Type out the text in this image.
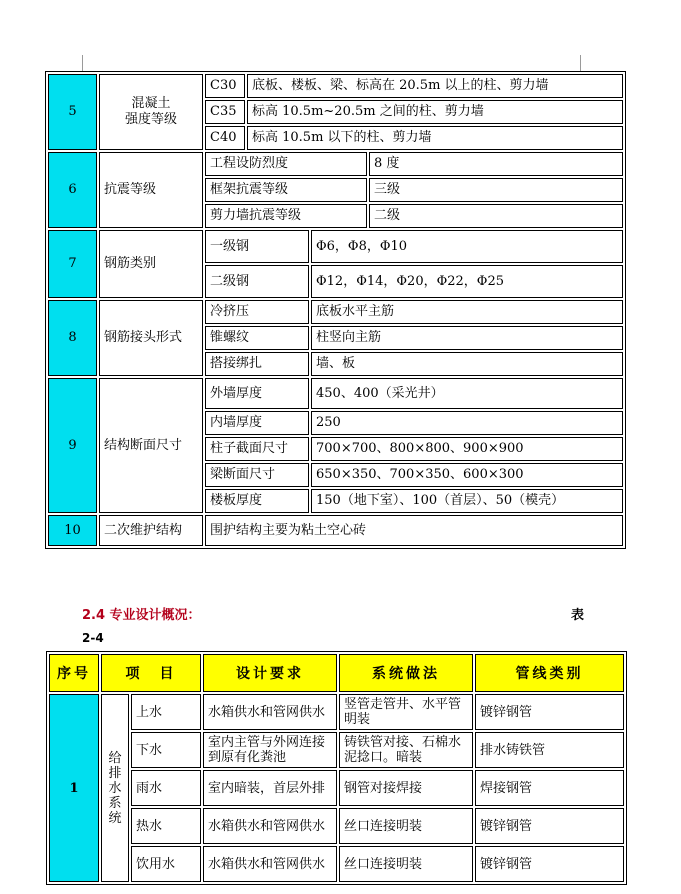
5	混凝土
强度等级	C30	底板、楼板、梁、标高在 20.5m 以上的柱、剪力墙		
		C35	标高 10.5m~20.5m 之间的柱、剪力墙		
		C40	标高 10.5m 以下的柱、剪力墙		
6	抗震等级	工程设防烈度			8 度
		框架抗震等级			三级
		剪力墙抗震等级			二级
7	钢筋类别	一级钢		Φ6，Φ8，Φ10	
		二级钢		Φ12，Φ14，Φ20，Φ22，Φ25	
8	钢筋接头形式	冷挤压		底板水平主筋	
		锥螺纹		柱竖向主筋	
		搭接绑扎		墙、板	
9	结构断面尺寸	外墙厚度		450、400（采光井）	
		内墙厚度		250	
		柱子截面尺寸		700×700、800×800、900×900	
		梁断面尺寸		650×350、700×350、600×300	
		楼板厚度		150（地下室）、100（首层）、50（模壳）	
10	二次维护结构	围护结构主要为粘土空心砖			
2.4 专业设计概况：	表
2-4
序号	项　目		设计要求	系统做法	管线类别
1	给排水系统	上水	水箱供水和管网供水	竖管走管井、水平管明装	镀锌钢管
		下水	室内主管与外网连接到原有化粪池	铸铁管对接、石棉水泥捻口。暗装	排水铸铁管
		雨水	室内暗装，首层外排	钢管对接焊接	焊接钢管
		热水	水箱供水和管网供水	丝口连接明装	镀锌钢管
		饮用水	水箱供水和管网供水	丝口连接明装	镀锌钢管
